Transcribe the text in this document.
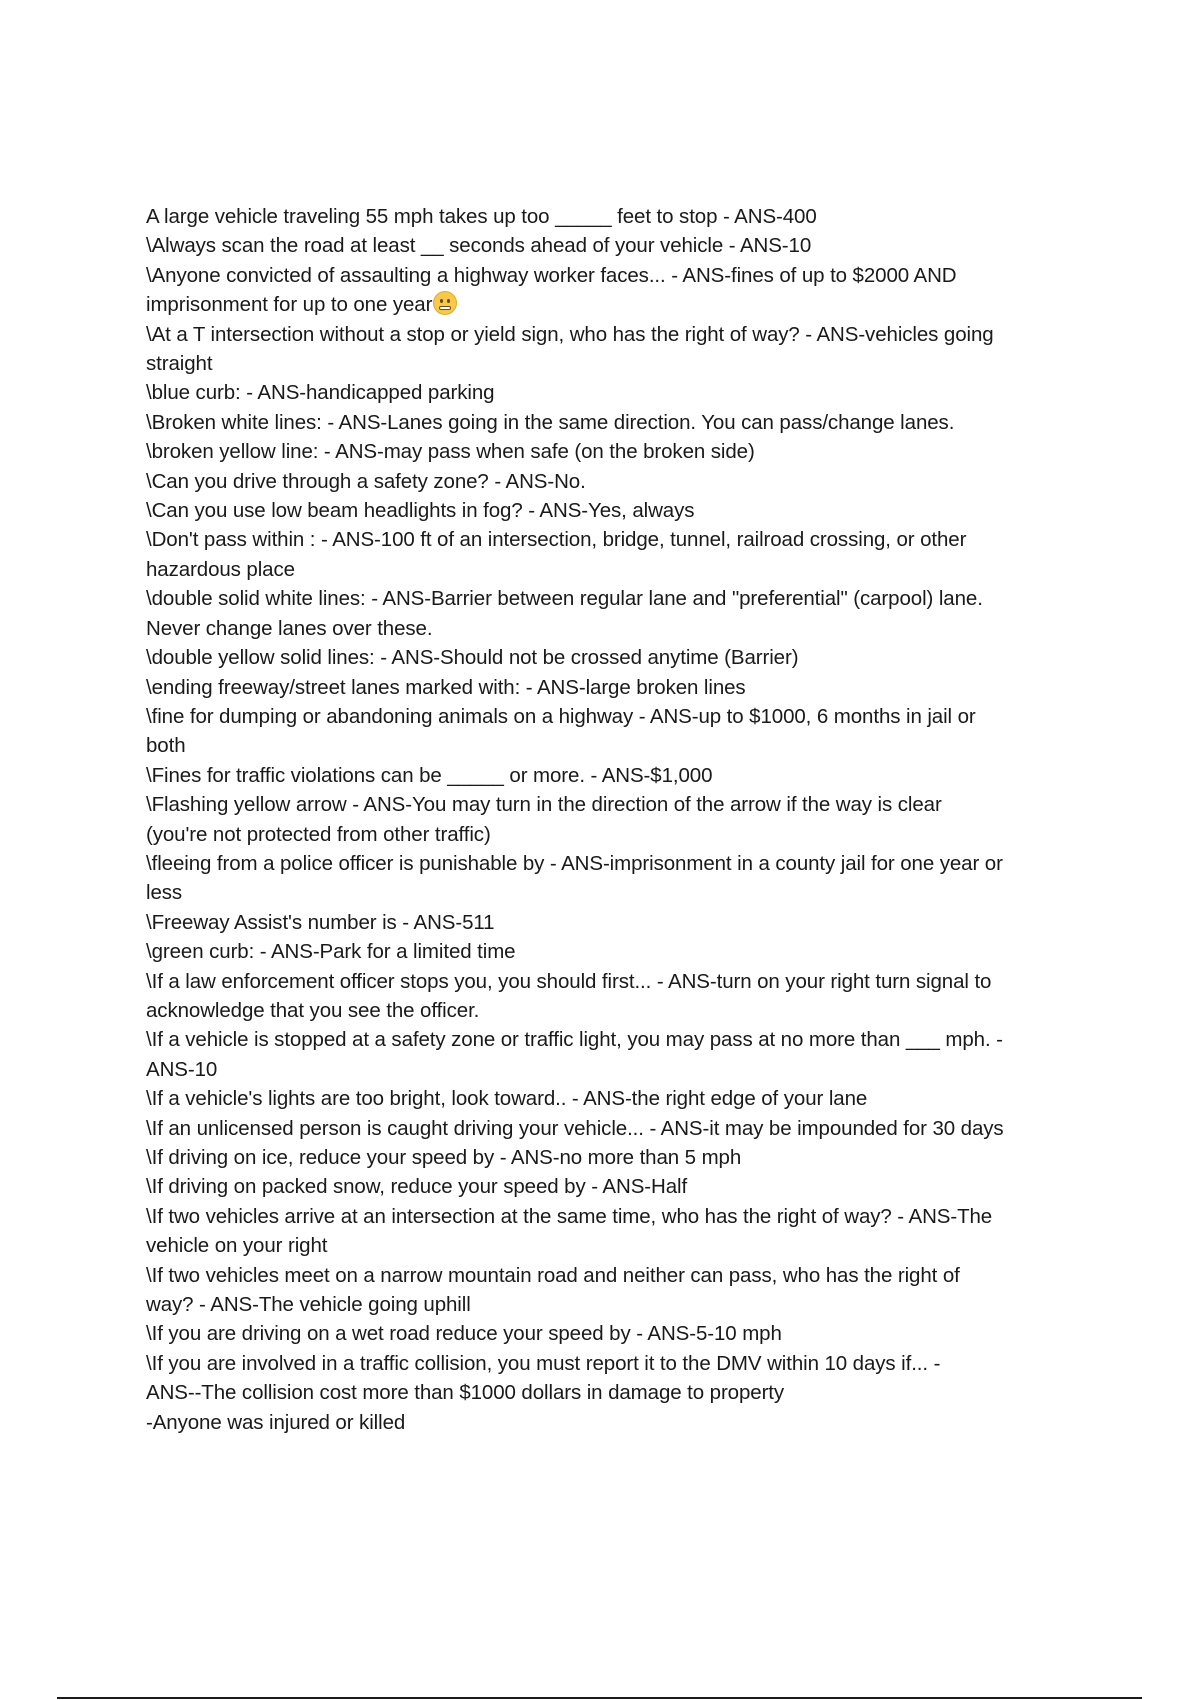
A large vehicle traveling 55 mph takes up too _____ feet to stop - ANS-400
\Always scan the road at least __ seconds ahead of your vehicle - ANS-10
\Anyone convicted of assaulting a highway worker faces... - ANS-fines of up to $2000 AND
imprisonment for up to one year
\At a T intersection without a stop or yield sign, who has the right of way? - ANS-vehicles going
straight
\blue curb: - ANS-handicapped parking
\Broken white lines: - ANS-Lanes going in the same direction. You can pass/change lanes.
\broken yellow line: - ANS-may pass when safe (on the broken side)
\Can you drive through a safety zone? - ANS-No.
\Can you use low beam headlights in fog? - ANS-Yes, always
\Don't pass within : - ANS-100 ft of an intersection, bridge, tunnel, railroad crossing, or other
hazardous place
\double solid white lines: - ANS-Barrier between regular lane and "preferential" (carpool) lane.
Never change lanes over these.
\double yellow solid lines: - ANS-Should not be crossed anytime (Barrier)
\ending freeway/street lanes marked with: - ANS-large broken lines
\fine for dumping or abandoning animals on a highway - ANS-up to $1000, 6 months in jail or
both
\Fines for traffic violations can be _____ or more. - ANS-$1,000
\Flashing yellow arrow - ANS-You may turn in the direction of the arrow if the way is clear
(you're not protected from other traffic)
\fleeing from a police officer is punishable by - ANS-imprisonment in a county jail for one year or
less
\Freeway Assist's number is - ANS-511
\green curb: - ANS-Park for a limited time
\If a law enforcement officer stops you, you should first... - ANS-turn on your right turn signal to
acknowledge that you see the officer.
\If a vehicle is stopped at a safety zone or traffic light, you may pass at no more than ___ mph. -
ANS-10
\If a vehicle's lights are too bright, look toward.. - ANS-the right edge of your lane
\If an unlicensed person is caught driving your vehicle... - ANS-it may be impounded for 30 days
\If driving on ice, reduce your speed by - ANS-no more than 5 mph
\If driving on packed snow, reduce your speed by - ANS-Half
\If two vehicles arrive at an intersection at the same time, who has the right of way? - ANS-The
vehicle on your right
\If two vehicles meet on a narrow mountain road and neither can pass, who has the right of
way? - ANS-The vehicle going uphill
\If you are driving on a wet road reduce your speed by - ANS-5-10 mph
\If you are involved in a traffic collision, you must report it to the DMV within 10 days if... -
ANS--The collision cost more than $1000 dollars in damage to property
-Anyone was injured or killed
